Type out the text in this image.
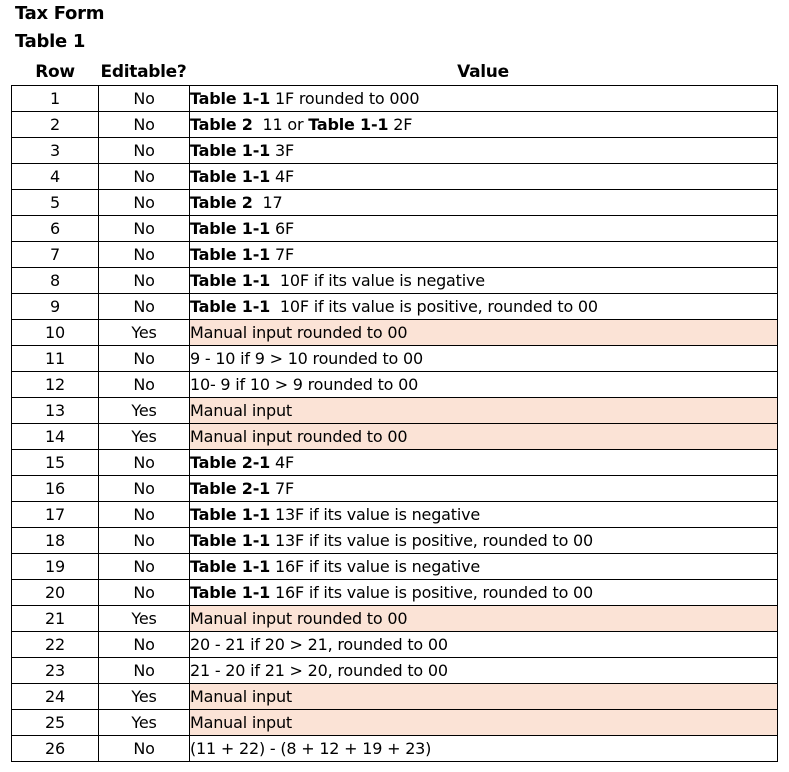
Tax Form
Table 1
Row	Editable?	Value
1	No	Table 1-1 1F rounded to 000
2	No	Table 2  11 or Table 1-1 2F
3	No	Table 1-1 3F
4	No	Table 1-1 4F
5	No	Table 2  17
6	No	Table 1-1 6F
7	No	Table 1-1 7F
8	No	Table 1-1  10F if its value is negative
9	No	Table 1-1  10F if its value is positive, rounded to 00
10	Yes	Manual input rounded to 00
11	No	9 - 10 if 9 > 10 rounded to 00
12	No	10- 9 if 10 > 9 rounded to 00
13	Yes	Manual input
14	Yes	Manual input rounded to 00
15	No	Table 2-1 4F
16	No	Table 2-1 7F
17	No	Table 1-1 13F if its value is negative
18	No	Table 1-1 13F if its value is positive, rounded to 00
19	No	Table 1-1 16F if its value is negative
20	No	Table 1-1 16F if its value is positive, rounded to 00
21	Yes	Manual input rounded to 00
22	No	20 - 21 if 20 > 21, rounded to 00
23	No	21 - 20 if 21 > 20, rounded to 00
24	Yes	Manual input
25	Yes	Manual input
26	No	(11 + 22) - (8 + 12 + 19 + 23)
